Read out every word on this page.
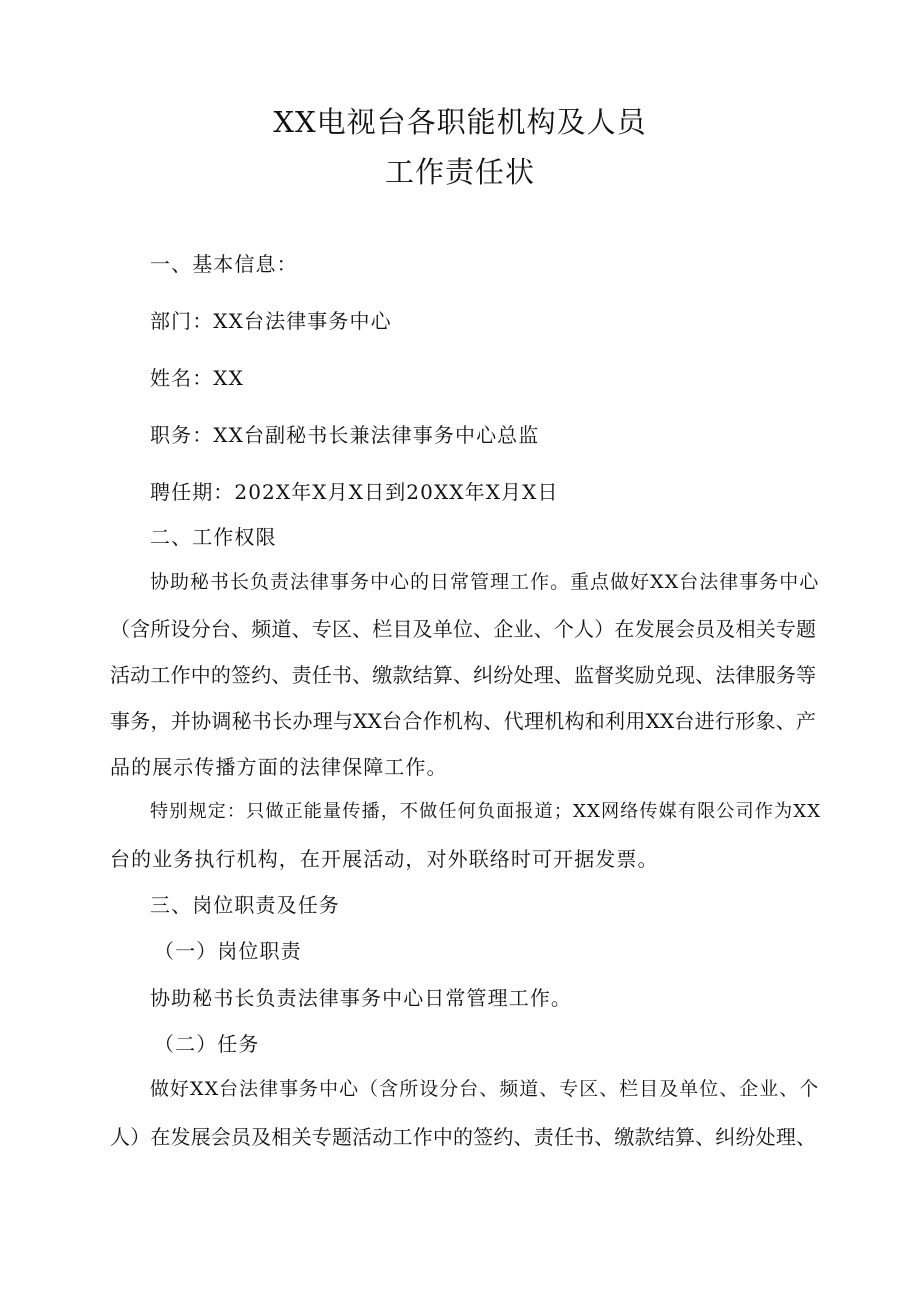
XX电视台各职能机构及人员
工作责任状
一、基本信息：
部门：XX台法律事务中心
姓名：XX
职务：XX台副秘书长兼法律事务中心总监
聘任期：202X年X月X日到20XX年X月X日
二、工作权限
协助秘书长负责法律事务中心的日常管理工作。重点做好XX台法律事务中心
（含所设分台、频道、专区、栏目及单位、企业、个人）在发展会员及相关专题
活动工作中的签约、责任书、缴款结算、纠纷处理、监督奖励兑现、法律服务等
事务，并协调秘书长办理与XX台合作机构、代理机构和利用XX台进行形象、产
品的展示传播方面的法律保障工作。
特别规定：只做正能量传播，不做任何负面报道；XX网络传媒有限公司作为XX
台的业务执行机构，在开展活动，对外联络时可开据发票。
三、岗位职责及任务
（一）岗位职责
协助秘书长负责法律事务中心日常管理工作。
（二）任务
做好XX台法律事务中心（含所设分台、频道、专区、栏目及单位、企业、个
人）在发展会员及相关专题活动工作中的签约、责任书、缴款结算、纠纷处理、
